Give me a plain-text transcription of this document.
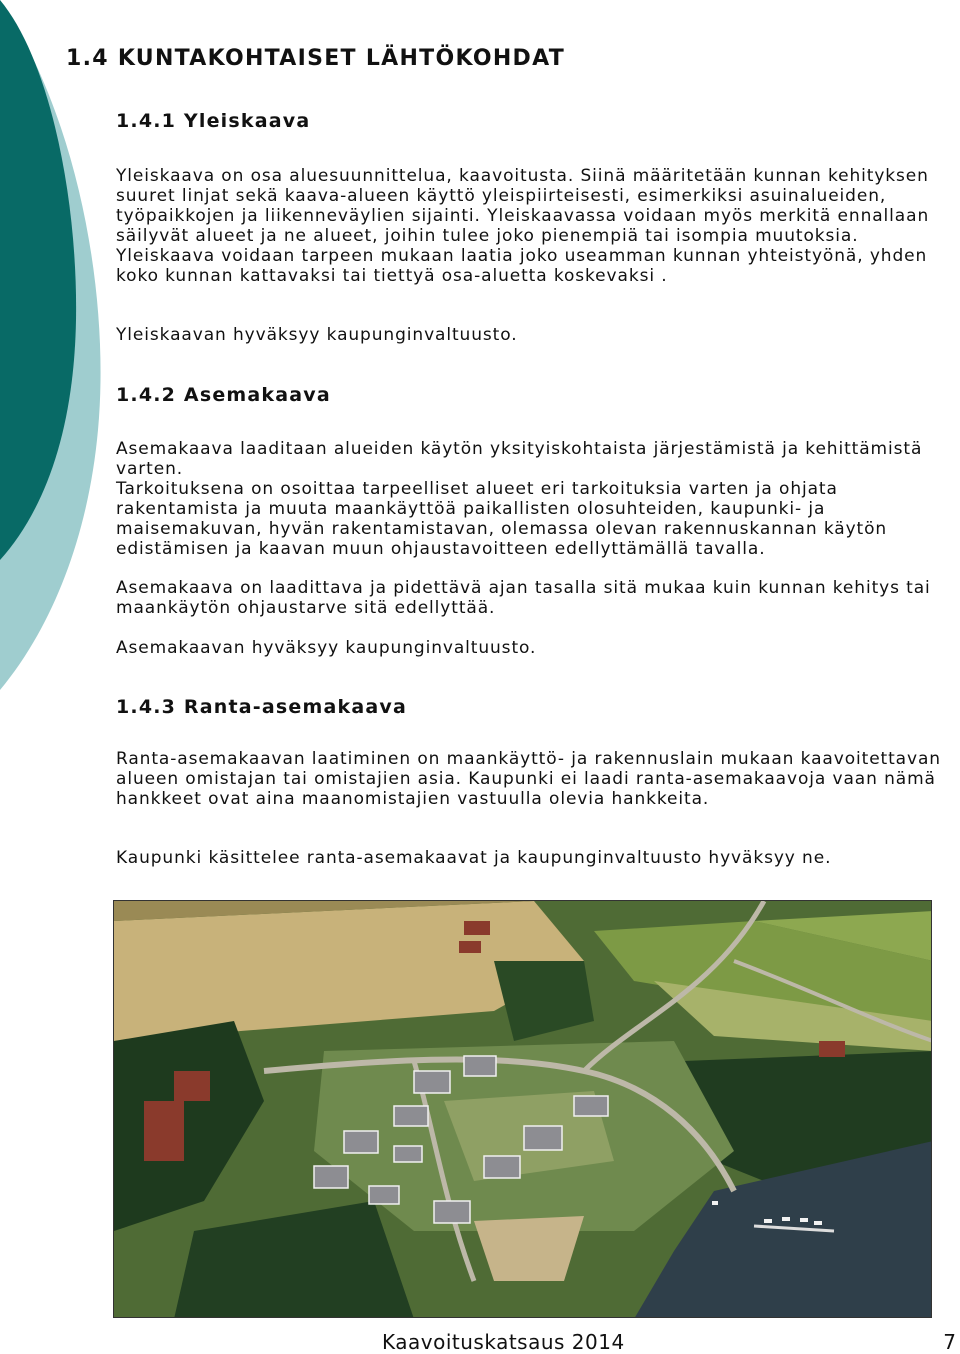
1.4 KUNTAKOHTAISET LÄHTÖKOHDAT
1.4.1 Yleiskaava

Yleiskaava on osa aluesuunnittelua, kaavoitusta. Siinä määritetään kunnan kehityksen suuret linjat sekä kaava-alueen käyttö yleispiirteisesti, esimerkiksi asuinalueiden, työpaikkojen ja liikenneväylien sijainti. Yleiskaavassa voidaan myös merkitä ennallaan säilyvät alueet ja ne alueet, joihin tulee joko pienempiä tai isompia muutoksia. Yleiskaava voidaan tarpeen mukaan laatia joko useamman kunnan yhteistyönä, yhden koko kunnan kattavaksi tai tiettyä osa-aluetta koskevaksi .

Yleiskaavan hyväksyy kaupunginvaltuusto.

1.4.2 Asemakaava

Asemakaava laaditaan alueiden käytön yksityiskohtaista järjestämistä ja kehittämistä varten.

Tarkoituksena on osoittaa tarpeelliset alueet eri tarkoituksia varten ja ohjata rakentamista ja muuta maankäyttöä paikallisten olosuhteiden, kaupunki- ja maisemakuvan, hyvän rakentamistavan, olemassa olevan rakennuskannan käytön edistämisen ja kaavan muun ohjaustavoitteen edellyttämällä tavalla.

Asemakaava on laadittava ja pidettävä ajan tasalla sitä mukaa kuin kunnan kehitys tai maankäytön ohjaustarve sitä edellyttää.

Asemakaavan hyväksyy kaupunginvaltuusto.

1.4.3 Ranta-asemakaava

Ranta-asemakaavan laatiminen on maankäyttö- ja rakennuslain mukaan kaavoitettavan alueen omistajan tai omistajien asia. Kaupunki ei laadi ranta-asemakaavoja vaan nämä hankkeet ovat aina maanomistajien vastuulla olevia hankkeita.

Kaupunki käsittelee ranta-asemakaavat ja kaupunginvaltuusto hyväksyy ne.

Kaavoituskatsaus 2014	7
